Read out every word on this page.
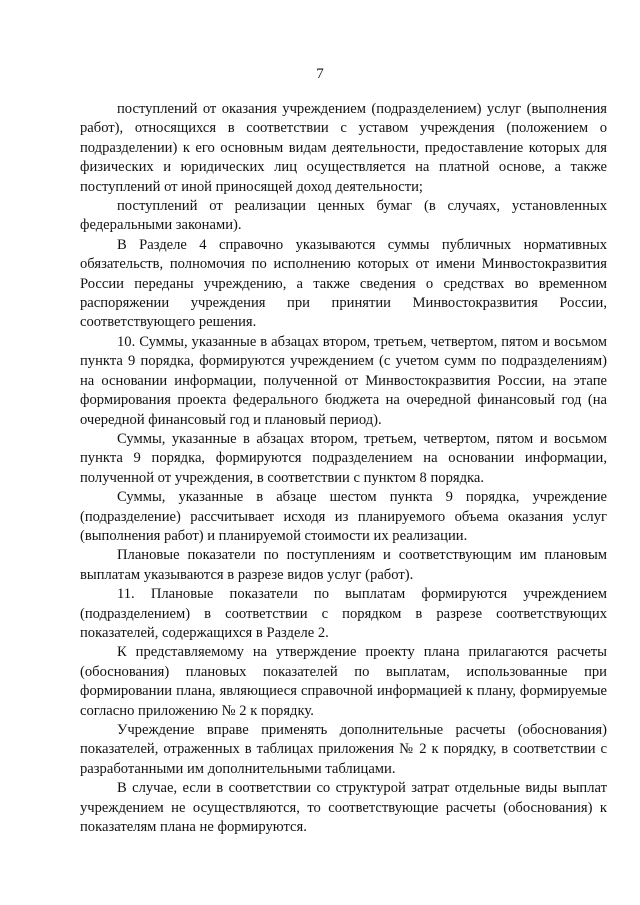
7

поступлений от оказания учреждением (подразделением) услуг (выполнения работ), относящихся в соответствии с уставом учреждения (положением о подразделении) к его основным видам деятельности, предоставление которых для физических и юридических лиц осуществляется на платной основе, а также поступлений от иной приносящей доход деятельности;

поступлений от реализации ценных бумаг (в случаях, установленных федеральными законами).

В Разделе 4 справочно указываются суммы публичных нормативных обязательств, полномочия по исполнению которых от имени Минвостокразвития России переданы учреждению, а также сведения о средствах во временном распоряжении учреждения при принятии Минвостокразвития России, соответствующего решения.

10. Суммы, указанные в абзацах втором, третьем, четвертом, пятом и восьмом пункта 9 порядка, формируются учреждением (с учетом сумм по подразделениям) на основании информации, полученной от Минвостокразвития России, на этапе формирования проекта федерального бюджета на очередной финансовый год (на очередной финансовый год и плановый период).

Суммы, указанные в абзацах втором, третьем, четвертом, пятом и восьмом пункта 9 порядка, формируются подразделением на основании информации, полученной от учреждения, в соответствии с пунктом 8 порядка.

Суммы, указанные в абзаце шестом пункта 9 порядка, учреждение (подразделение) рассчитывает исходя из планируемого объема оказания услуг (выполнения работ) и планируемой стоимости их реализации.

Плановые показатели по поступлениям и соответствующим им плановым выплатам указываются в разрезе видов услуг (работ).

11. Плановые показатели по выплатам формируются учреждением (подразделением) в соответствии с порядком в разрезе соответствующих показателей, содержащихся в Разделе 2.

К представляемому на утверждение проекту плана прилагаются расчеты (обоснования) плановых показателей по выплатам, использованные при формировании плана, являющиеся справочной информацией к плану, формируемые согласно приложению № 2 к порядку.

Учреждение вправе применять дополнительные расчеты (обоснования) показателей, отраженных в таблицах приложения № 2 к порядку, в соответствии с разработанными им дополнительными таблицами.

В случае, если в соответствии со структурой затрат отдельные виды выплат учреждением не осуществляются, то соответствующие расчеты (обоснования) к показателям плана не формируются.
